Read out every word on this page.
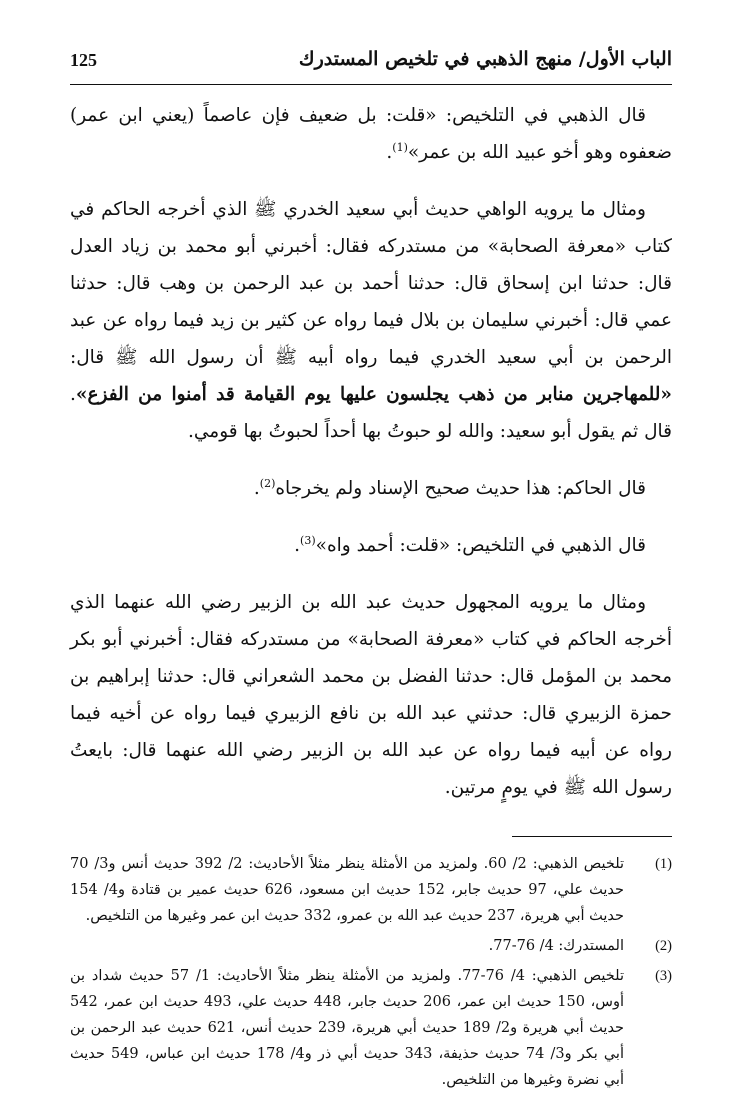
الباب الأول/ منهج الذهبي في تلخيص المستدرك
125

قال الذهبي في التلخيص: «قلت: بل ضعيف فإن عاصماً (يعني ابن عمر) ضعفوه وهو أخو عبيد الله بن عمر»$^{(1)}$.

ومثال ما يرويه الواهي حديث أبي سعيد الخدري ﷺ الذي أخرجه الحاكم في كتاب «معرفة الصحابة» من مستدركه فقال: أخبرني أبو محمد بن زياد العدل قال: حدثنا ابن إسحاق قال: حدثنا أحمد بن عبد الرحمن بن وهب قال: حدثنا عمي قال: أخبرني سليمان بن بلال فيما رواه عن كثير بن زيد فيما رواه عن عبد الرحمن بن أبي سعيد الخدري فيما رواه أبيه ﷺ أن رسول الله ﷺ قال: «للمهاجرين منابر من ذهب يجلسون عليها يوم القيامة قد أمنوا من الفزع». قال ثم يقول أبو سعيد: والله لو حبوتُ بها أحداً لحبوتُ بها قومي.

قال الحاكم: هذا حديث صحيح الإسناد ولم يخرجاه$^{(2)}$.

قال الذهبي في التلخيص: «قلت: أحمد واه»$^{(3)}$.

ومثال ما يرويه المجهول حديث عبد الله بن الزبير رضي الله عنهما الذي أخرجه الحاكم في كتاب «معرفة الصحابة» من مستدركه فقال: أخبرني أبو بكر محمد بن المؤمل قال: حدثنا الفضل بن محمد الشعراني قال: حدثنا إبراهيم بن حمزة الزبيري قال: حدثني عبد الله بن نافع الزبيري فيما رواه عن أخيه فيما رواه عن أبيه فيما رواه عن عبد الله بن الزبير رضي الله عنهما قال: بايعتُ رسول الله ﷺ في يومٍ مرتين.

(1)
تلخيص الذهبي: 2/ 60. ولمزيد من الأمثلة ينظر مثلاً الأحاديث: 2/ 392 حديث أنس و3/ 70 حديث علي، 97 حديث جابر، 152 حديث ابن مسعود، 626 حديث عمير بن قتادة و4/ 154 حديث أبي هريرة، 237 حديث عبد الله بن عمرو، 332 حديث ابن عمر وغيرها من التلخيص.
(2)
المستدرك: 4/ 76-77.
(3)
تلخيص الذهبي: 4/ 76-77. ولمزيد من الأمثلة ينظر مثلاً الأحاديث: 1/ 57 حديث شداد بن أوس، 150 حديث ابن عمر، 206 حديث جابر، 448 حديث علي، 493 حديث ابن عمر، 542 حديث أبي هريرة و2/ 189 حديث أبي هريرة، 239 حديث أنس، 621 حديث عبد الرحمن بن أبي بكر و3/ 74 حديث حذيفة، 343 حديث أبي ذر و4/ 178 حديث ابن عباس، 549 حديث أبي نضرة وغيرها من التلخيص.
